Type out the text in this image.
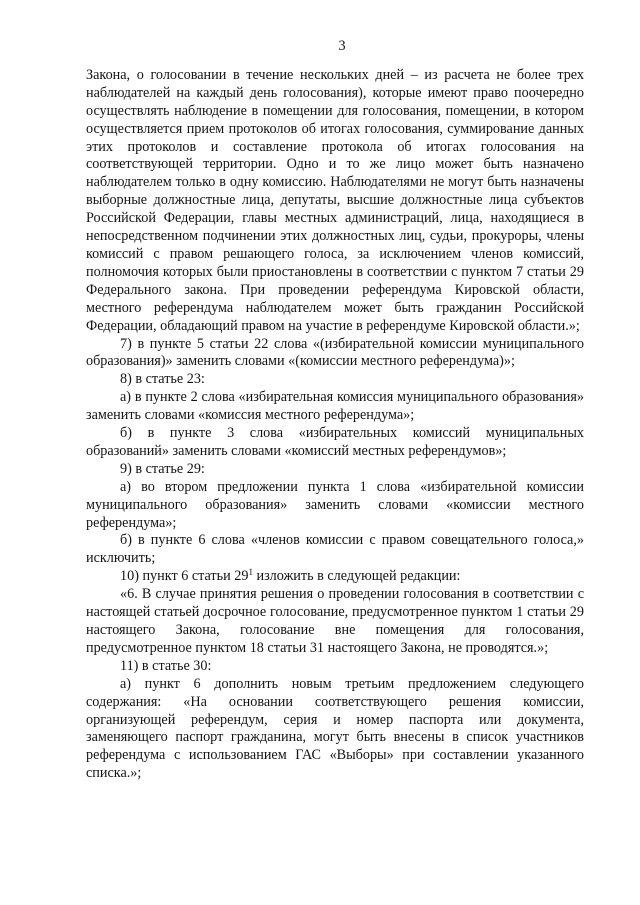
3

Закона, о голосовании в течение нескольких дней – из расчета не более трех наблюдателей на каждый день голосования), которые имеют право поочередно осуществлять наблюдение в помещении для голосования, помещении, в котором осуществляется прием протоколов об итогах голосования, суммирование данных этих протоколов и составление протокола об итогах голосования на соответствующей территории. Одно и то же лицо может быть назначено наблюдателем только в одну комиссию. Наблюдателями не могут быть назначены выборные должностные лица, депутаты, высшие должностные лица субъектов Российской Федерации, главы местных администраций, лица, находящиеся в непосредственном подчинении этих должностных лиц, судьи, прокуроры, члены комиссий с правом решающего голоса, за исключением членов комиссий, полномочия которых были приостановлены в соответствии с пунктом 7 статьи 29 Федерального закона. При проведении референдума Кировской области, местного референдума наблюдателем может быть гражданин Российской Федерации, обладающий правом на участие в референдуме Кировской области.»;

7) в пункте 5 статьи 22 слова «(избирательной комиссии муниципального образования)» заменить словами «(комиссии местного референдума)»;

8) в статье 23:

а) в пункте 2 слова «избирательная комиссия муниципального образования» заменить словами «комиссия местного референдума»;

б) в пункте 3 слова «избирательных комиссий муниципальных образований» заменить словами «комиссий местных референдумов»;

9) в статье 29:

а) во втором предложении пункта 1 слова «избирательной комиссии муниципального образования» заменить словами «комиссии местного референдума»;

б) в пункте 6 слова «членов комиссии с правом совещательного голоса,» исключить;

10) пункт 6 статьи $29^1$ изложить в следующей редакции:

«6. В случае принятия решения о проведении голосования в соответствии с настоящей статьей досрочное голосование, предусмотренное пунктом 1 статьи 29 настоящего Закона, голосование вне помещения для голосования, предусмотренное пунктом 18 статьи 31 настоящего Закона, не проводятся.»;

11) в статье 30:

а) пункт 6 дополнить новым третьим предложением следующего содержания: «На основании соответствующего решения комиссии, организующей референдум, серия и номер паспорта или документа, заменяющего паспорт гражданина, могут быть внесены в список участников референдума с использованием ГАС «Выборы» при составлении указанного списка.»;
